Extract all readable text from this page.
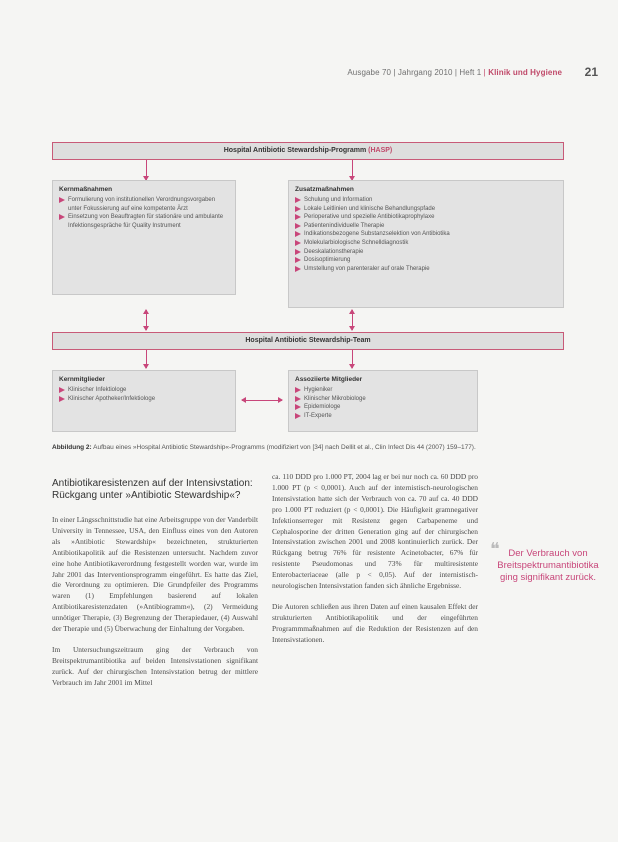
Ausgabe 70 | Jahrgang 2010 | Heft 1 | Klinik und Hygiene 21
Hospital Antibiotic Stewardship-Programm (HASP)
Kernmaßnahmen
Formulierung von institutionellen Verordnungsvorgaben unter Fokussierung auf eine kompetente Ärzt
Einsetzung von Beauftragten für stationäre und ambulante Infektionsgespräche für Quality Instrument
Zusatzmaßnahmen
Schulung und Information
Lokale Leitlinien und klinische Behandlungspfade
Perioperative und spezielle Antibiotikaprophylaxe
Patientenindividuelle Therapie
Indikationsbezogene Substanzselektion von Antibiotika
Molekularbiologische Schnelldiagnostik
Deeskalationstherapie
Dosisoptimierung
Umstellung von parenteraler auf orale Therapie
Hospital Antibiotic Stewardship-Team
Kernmitglieder
Klinischer Infektiologe
Klinischer Apotheker/Infektiologe
Assoziierte Mitglieder
Hygieniker
Klinischer Mikrobiologe
Epidemiologe
IT-Experte
Abbildung 2: Aufbau eines »Hospital Antibiotic Stewardship«-Programms (modifiziert von [34] nach Dellit et al., Clin Infect Dis 44 (2007) 159–177).
Antibiotikaresistenzen auf der Intensivstation: Rückgang unter »Antibiotic Stewardship«?

In einer Längsschnittstudie hat eine Arbeitsgruppe von der Vanderbilt University in Tennessee, USA, den Einfluss eines von den Autoren als »Antibiotic Stewardship« bezeichneten, strukturierten Antibiotikapolitik auf die Resistenzen untersucht. Nachdem zuvor eine hohe Antibiotikaverordnung festgestellt worden war, wurde im Jahr 2001 das Interventionsprogramm eingeführt. Es hatte das Ziel, die Verordnung zu optimieren. Die Grundpfeiler des Programms waren (1) Empfehlungen basierend auf lokalen Antibiotikaresistenzdaten (»Antibiogramm«), (2) Vermeidung unnötiger Therapie, (3) Begrenzung der Therapiedauer, (4) Auswahl der Therapie und (5) Überwachung der Einhaltung der Vorgaben.

Im Untersuchungszeitraum ging der Verbrauch von Breitspektrumantibiotika auf beiden Intensivstationen signifikant zurück. Auf der chirurgischen Intensivstation betrug der mittlere Verbrauch im Jahr 2001 im Mittel

ca. 110 DDD pro 1.000 PT, 2004 lag er bei nur noch ca. 60 DDD pro 1.000 PT (p < 0,0001). Auch auf der internistisch-neurologischen Intensivstation hatte sich der Verbrauch von ca. 70 auf ca. 40 DDD pro 1.000 PT reduziert (p < 0,0001). Die Häufigkeit gramnegativer Infektionserreger mit Resistenz gegen Carbapeneme und Cephalosporine der dritten Generation ging auf der chirurgischen Intensivstation zwischen 2001 und 2008 kontinuierlich zurück. Der Rückgang betrug 76% für resistente Acinetobacter, 67% für resistente Pseudomonas und 73% für multiresistente Enterobacteriaceae (alle p < 0,05). Auf der internistisch-neurologischen Intensivstation fanden sich ähnliche Ergebnisse.

Die Autoren schließen aus ihren Daten auf einen kausalen Effekt der strukturierten Antibiotikapolitik und der eingeführten Programmmaßnahmen auf die Reduktion der Resistenzen auf den Intensivstationen.

❝ Der Verbrauch von Breitspektrumantibiotika ging signifikant zurück.
